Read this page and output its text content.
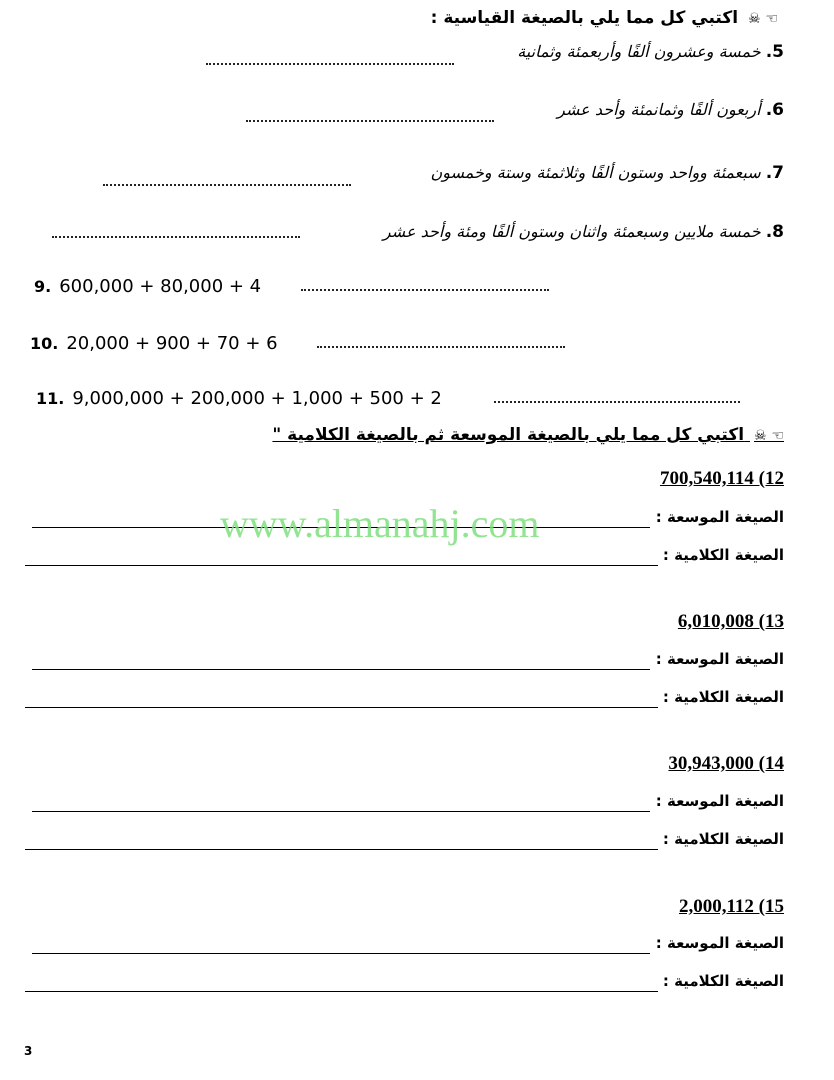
☜ ☠ اكتبي كل مما يلي بالصيغة القياسية :
5. خمسة وعشرون ألفًا وأربعمئة وثمانية
6. أربعون ألفًا وثمانمئة وأحد عشر
7. سبعمئة وواحد وستون ألفًا وثلاثمئة وستة وخمسون
8. خمسة ملايين وسبعمئة واثنان وستون ألفًا ومئة وأحد عشر
9. 600,000 + 80,000 + 4
10. 20,000 + 900 + 70 + 6
11. 9,000,000 + 200,000 + 1,000 + 500 + 2
☜ ☠ اكتبي كل مما يلي بالصيغة الموسعة ثم بالصيغة الكلامية "
700,540,114 (12
الصيغة الموسعة :
الصيغة الكلامية :
6,010,008 (13
الصيغة الموسعة :
الصيغة الكلامية :
30,943,000 (14
الصيغة الموسعة :
الصيغة الكلامية :
2,000,112 (15
الصيغة الموسعة :
الصيغة الكلامية :
www.almanahj.com
3
